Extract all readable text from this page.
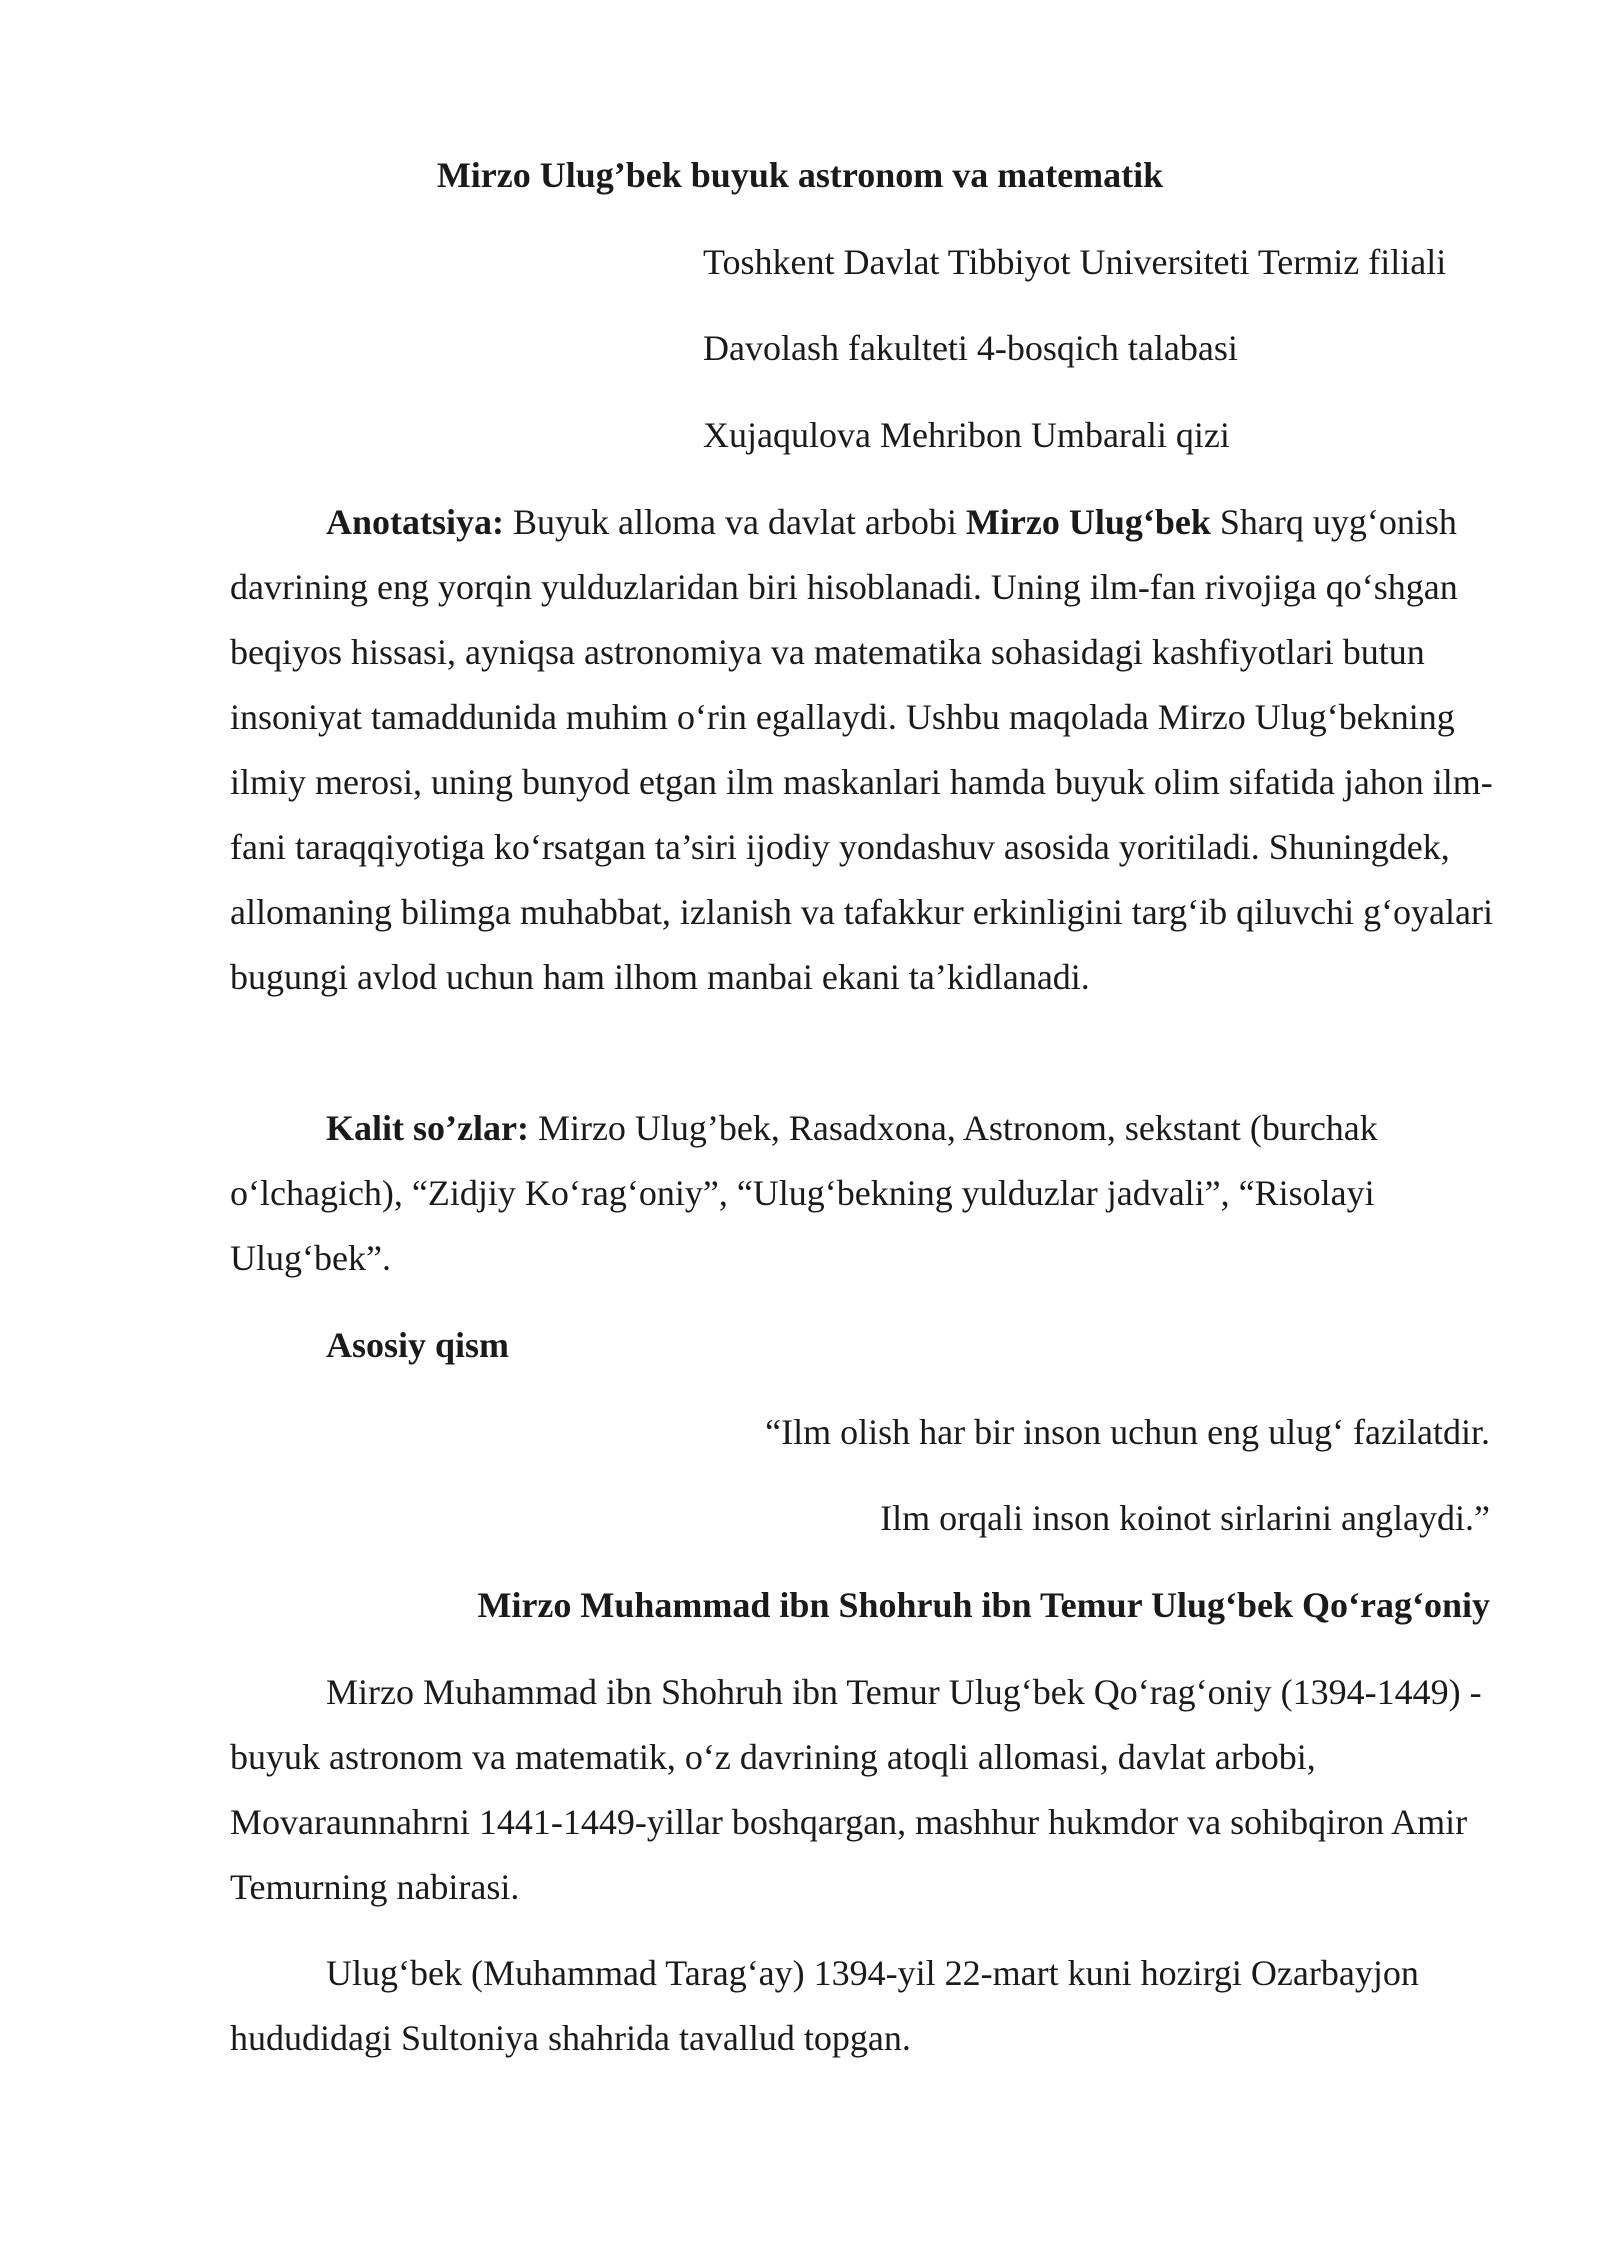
Mirzo Ulug’bek buyuk astronom va matematik

Toshkent Davlat Tibbiyot Universiteti Termiz filiali

Davolash fakulteti 4-bosqich talabasi

Xujaqulova Mehribon Umbarali qizi

Anotatsiya: Buyuk alloma va davlat arbobi Mirzo Ulug‘bek Sharq uyg‘onish davrining eng yorqin yulduzlaridan biri hisoblanadi. Uning ilm-fan rivojiga qo‘shgan beqiyos hissasi, ayniqsa astronomiya va matematika sohasidagi kashfiyotlari butun insoniyat tamaddunida muhim o‘rin egallaydi. Ushbu maqolada Mirzo Ulug‘bekning ilmiy merosi, uning bunyod etgan ilm maskanlari hamda buyuk olim sifatida jahon ilm-fani taraqqiyotiga ko‘rsatgan ta’siri ijodiy yondashuv asosida yoritiladi. Shuningdek, allomaning bilimga muhabbat, izlanish va tafakkur erkinligini targ‘ib qiluvchi g‘oyalari bugungi avlod uchun ham ilhom manbai ekani ta’kidlanadi.

Kalit so’zlar: Mirzo Ulug’bek, Rasadxona, Astronom, sekstant (burchak o‘lchagich), “Zidjiy Ko‘rag‘oniy”, “Ulug‘bekning yulduzlar jadvali”, “Risolayi Ulug‘bek”.

Asosiy qism

“Ilm olish har bir inson uchun eng ulug‘ fazilatdir.

Ilm orqali inson koinot sirlarini anglaydi.”

Mirzo Muhammad ibn Shohruh ibn Temur Ulug‘bek Qo‘rag‘oniy

Mirzo Muhammad ibn Shohruh ibn Temur Ulug‘bek Qo‘rag‘oniy (1394-1449) - buyuk astronom va matematik, o‘z davrining atoqli allomasi, davlat arbobi, Movaraunnahrni 1441-1449-yillar boshqargan, mashhur hukmdor va sohibqiron Amir Temurning nabirasi.

Ulug‘bek (Muhammad Tarag‘ay) 1394-yil 22-mart kuni hozirgi Ozarbayjon hududidagi Sultoniya shahrida tavallud topgan.
